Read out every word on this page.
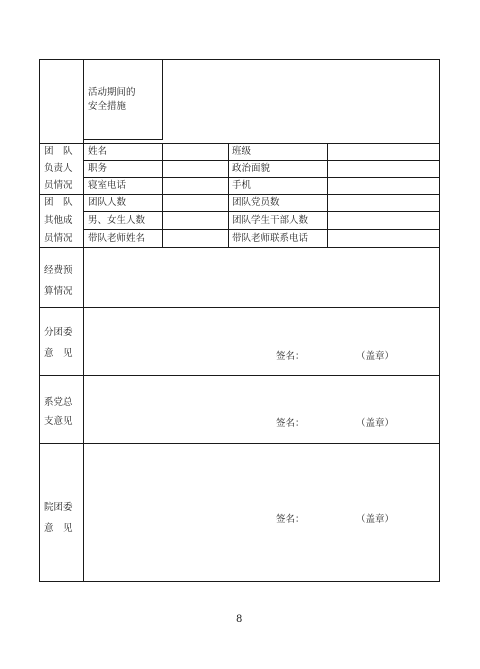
活动期间的
安全措施
团　队
负责人
员情况
姓名	班级
职务	政治面貌
寝室电话	手机
团　队
其他成
员情况
团队人数	团队党员数
男、女生人数	团队学生干部人数
带队老师姓名	带队老师联系电话
经费预
算情况
分团委
意　见	签名：	（盖章）
系党总
支意见	签名：	（盖章）
院团委
意　见
签名：	（盖章）
8
